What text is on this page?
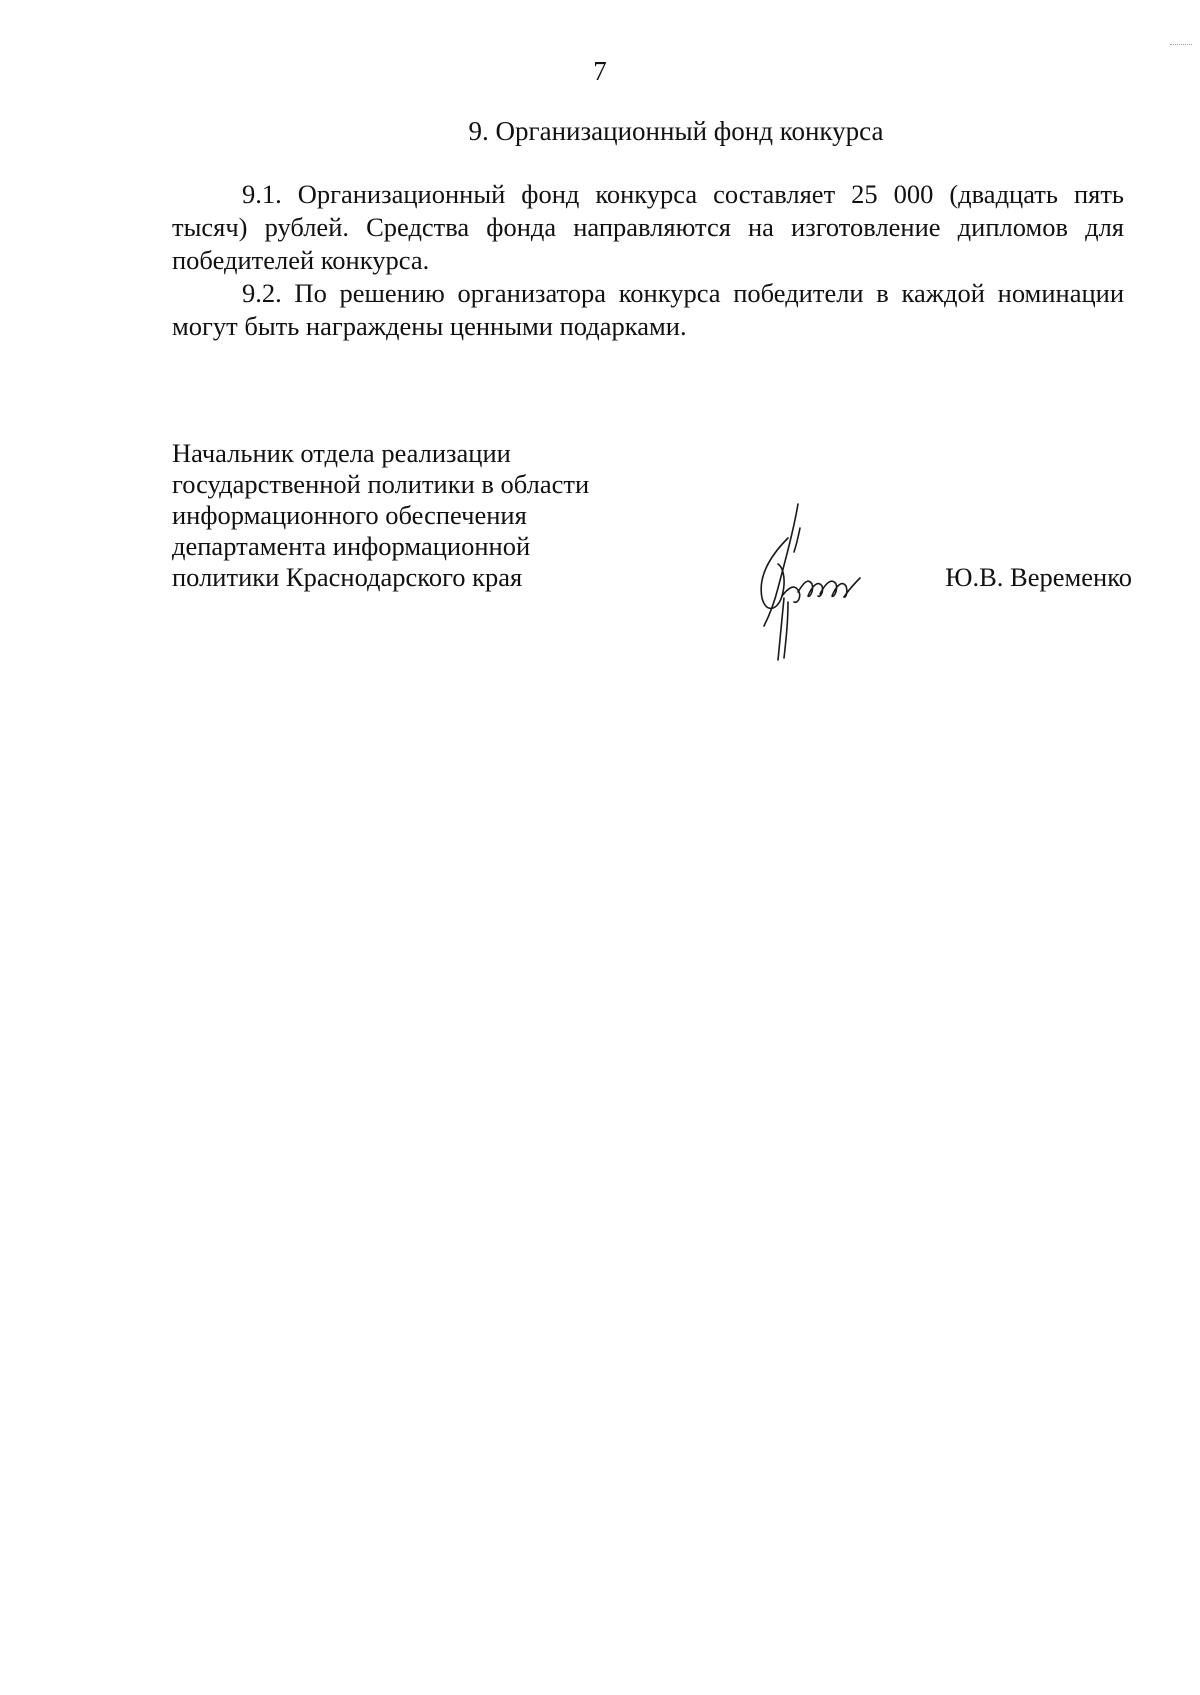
7
9. Организационный фонд конкурса

9.1. Организационный фонд конкурса составляет 25 000 (двадцать пять тысяч) рублей. Средства фонда направляются на изготовление дипломов для победителей конкурса.

9.2. По решению организатора конкурса победители в каждой номинации могут быть награждены ценными подарками.

Начальник отдела реализации
государственной политики в области
информационного обеспечения
департамента информационной
политики Краснодарского края	Ю.В. Веременко
